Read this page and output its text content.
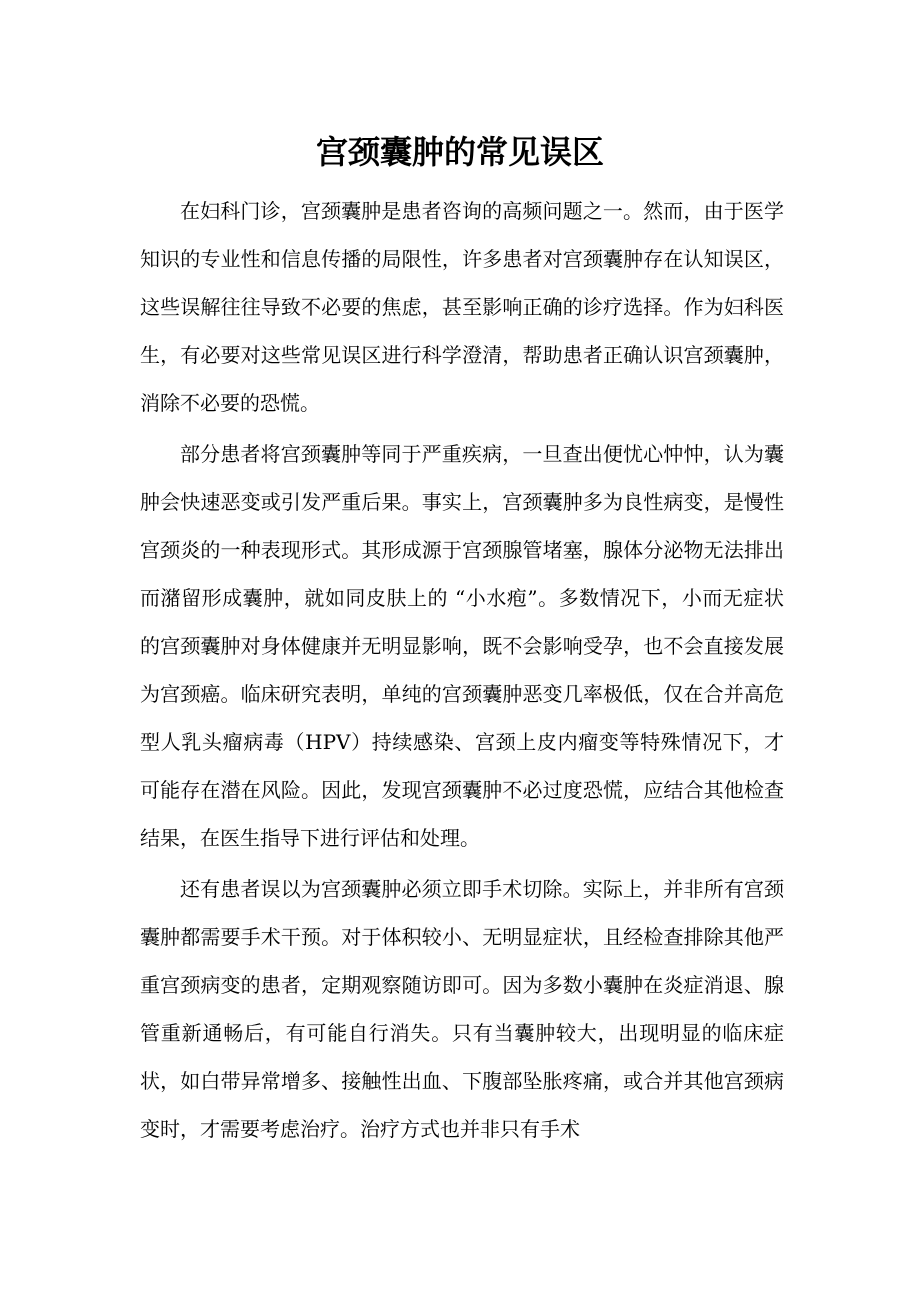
宫颈囊肿的常见误区

在妇科门诊，宫颈囊肿是患者咨询的高频问题之一。然而，由于医学知识的专业性和信息传播的局限性，许多患者对宫颈囊肿存在认知误区，这些误解往往导致不必要的焦虑，甚至影响正确的诊疗选择。作为妇科医生，有必要对这些常见误区进行科学澄清，帮助患者正确认识宫颈囊肿，消除不必要的恐慌。

部分患者将宫颈囊肿等同于严重疾病，一旦查出便忧心忡忡，认为囊肿会快速恶变或引发严重后果。事实上，宫颈囊肿多为良性病变，是慢性宫颈炎的一种表现形式。其形成源于宫颈腺管堵塞，腺体分泌物无法排出而潴留形成囊肿，就如同皮肤上的 “小水疱”。多数情况下，小而无症状的宫颈囊肿对身体健康并无明显影响，既不会影响受孕，也不会直接发展为宫颈癌。临床研究表明，单纯的宫颈囊肿恶变几率极低，仅在合并高危型人乳头瘤病毒（HPV）持续感染、宫颈上皮内瘤变等特殊情况下，才可能存在潜在风险。因此，发现宫颈囊肿不必过度恐慌，应结合其他检查结果，在医生指导下进行评估和处理。

还有患者误以为宫颈囊肿必须立即手术切除。实际上，并非所有宫颈囊肿都需要手术干预。对于体积较小、无明显症状，且经检查排除其他严重宫颈病变的患者，定期观察随访即可。因为多数小囊肿在炎症消退、腺管重新通畅后，有可能自行消失。只有当囊肿较大，出现明显的临床症状，如白带异常增多、接触性出血、下腹部坠胀疼痛，或合并其他宫颈病变时，才需要考虑治疗。治疗方式也并非只有手术
